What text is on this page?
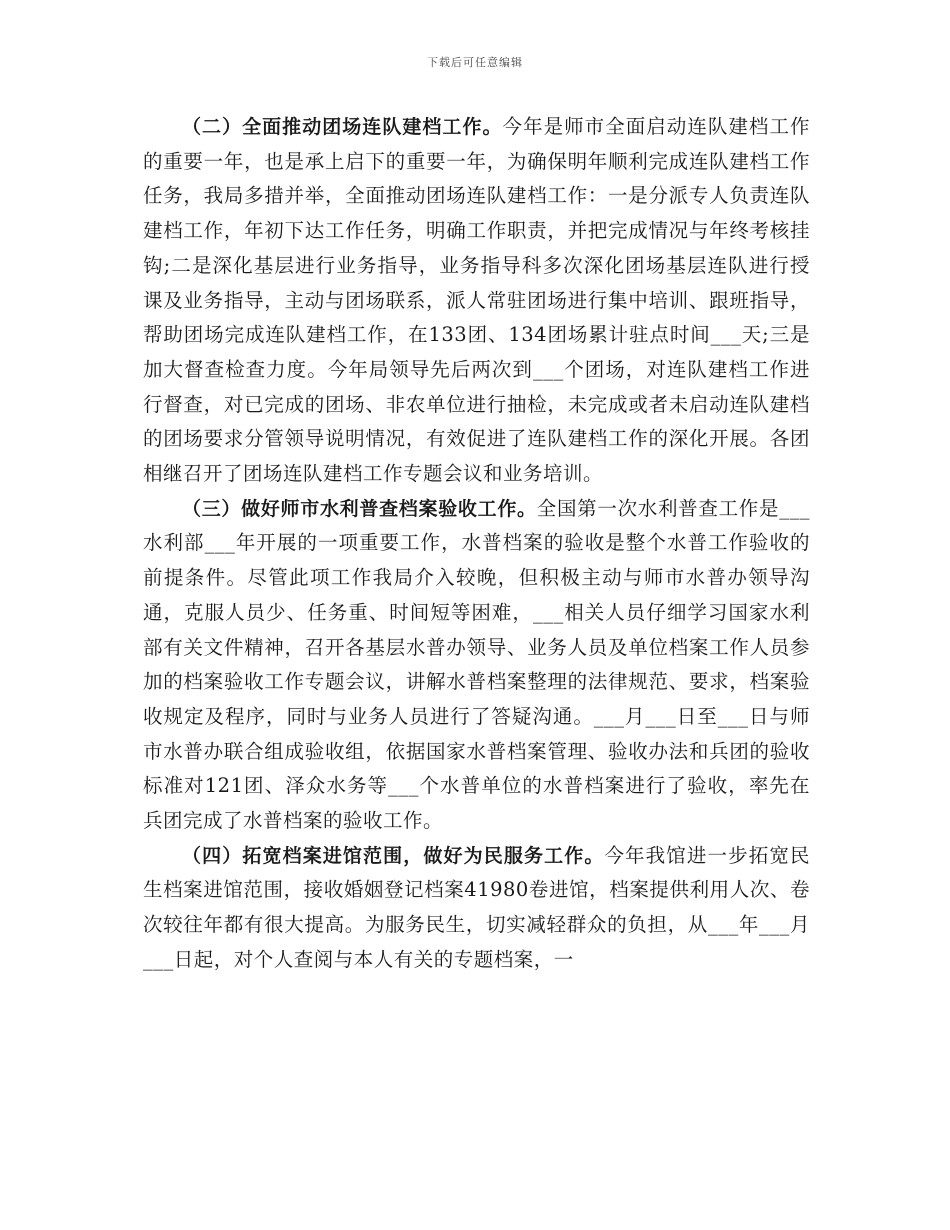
下载后可任意编辑

（二）全面推动团场连队建档工作。今年是师市全面启动连队建档工作的重要一年，也是承上启下的重要一年，为确保明年顺利完成连队建档工作任务，我局多措并举，全面推动团场连队建档工作：一是分派专人负责连队建档工作，年初下达工作任务，明确工作职责，并把完成情况与年终考核挂钩;二是深化基层进行业务指导，业务指导科多次深化团场基层连队进行授课及业务指导，主动与团场联系，派人常驻团场进行集中培训、跟班指导，帮助团场完成连队建档工作，在133团、134团场累计驻点时间___天;三是加大督查检查力度。今年局领导先后两次到___个团场，对连队建档工作进行督查，对已完成的团场、非农单位进行抽检，未完成或者未启动连队建档的团场要求分管领导说明情况，有效促进了连队建档工作的深化开展。各团相继召开了团场连队建档工作专题会议和业务培训。

（三）做好师市水利普查档案验收工作。全国第一次水利普查工作是___水利部___年开展的一项重要工作，水普档案的验收是整个水普工作验收的前提条件。尽管此项工作我局介入较晚，但积极主动与师市水普办领导沟通，克服人员少、任务重、时间短等困难，___相关人员仔细学习国家水利部有关文件精神，召开各基层水普办领导、业务人员及单位档案工作人员参加的档案验收工作专题会议，讲解水普档案整理的法律规范、要求，档案验收规定及程序，同时与业务人员进行了答疑沟通。___月___日至___日与师市水普办联合组成验收组，依据国家水普档案管理、验收办法和兵团的验收标准对121团、泽众水务等___个水普单位的水普档案进行了验收，率先在兵团完成了水普档案的验收工作。

（四）拓宽档案进馆范围，做好为民服务工作。今年我馆进一步拓宽民生档案进馆范围，接收婚姻登记档案41980卷进馆，档案提供利用人次、卷次较往年都有很大提高。为服务民生，切实减轻群众的负担，从___年___月___日起，对个人查阅与本人有关的专题档案，一
